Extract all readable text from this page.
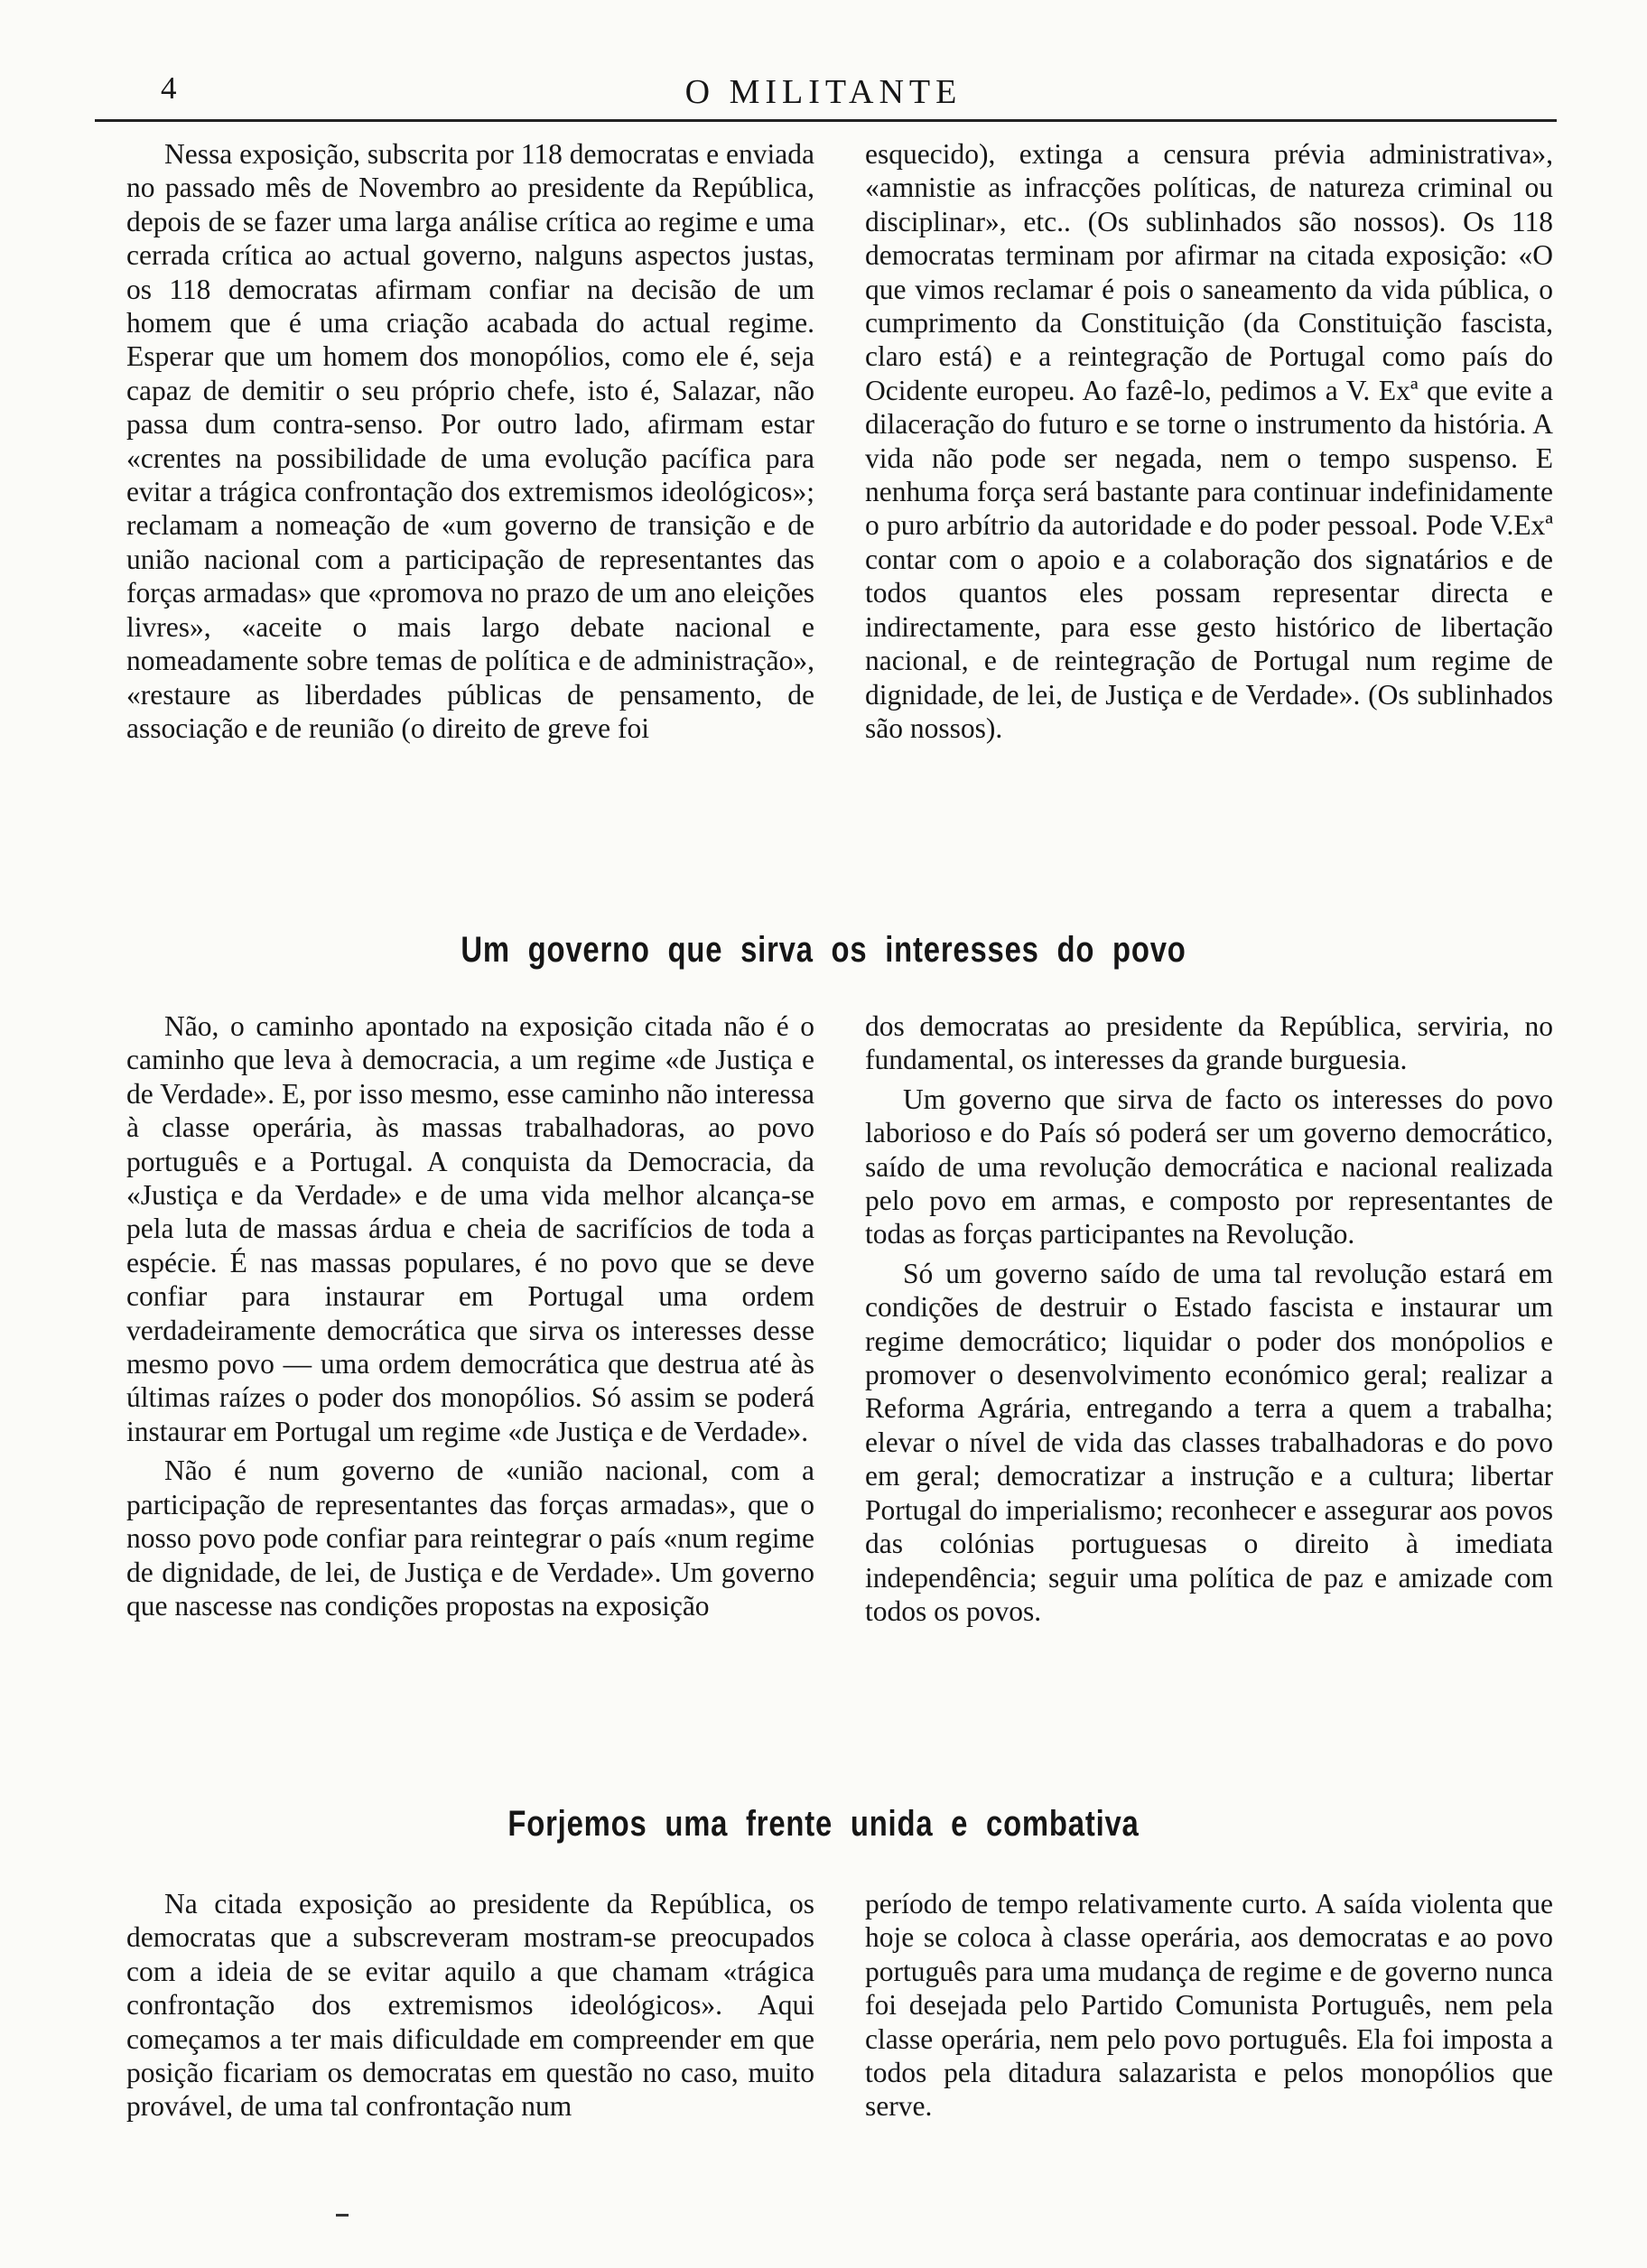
4	O MILITANTE

Nessa exposição, subscrita por 118 democratas e enviada no passado mês de Novembro ao presidente da República, depois de se fazer uma larga análise crítica ao regime e uma cerrada crítica ao actual governo, nalguns aspectos justas, os 118 democratas afirmam confiar na decisão de um homem que é uma criação acabada do actual regime. Esperar que um homem dos monopólios, como ele é, seja capaz de demitir o seu próprio chefe, isto é, Salazar, não passa dum contra-senso. Por outro lado, afirmam estar «crentes na possibilidade de uma evolução pacífica para evitar a trágica confrontação dos extremismos ideológicos»; reclamam a nomeação de «um governo de transição e de união nacional com a participação de representantes das forças armadas» que «promova no prazo de um ano eleições livres», «aceite o mais largo debate nacional e nomeadamente sobre temas de política e de administração», «restaure as liberdades públicas de pensamento, de associação e de reunião (o direito de greve foi

esquecido), extinga a censura prévia administrativa», «amnistie as infracções políticas, de natureza criminal ou disciplinar», etc.. (Os sublinhados são nossos). Os 118 democratas terminam por afirmar na citada exposição: «O que vimos reclamar é pois o saneamento da vida pública, o cumprimento da Constituição (da Constituição fascista, claro está) e a reintegração de Portugal como país do Ocidente europeu. Ao fazê-lo, pedimos a V. Exª que evite a dilaceração do futuro e se torne o instrumento da história. A vida não pode ser negada, nem o tempo suspenso. E nenhuma força será bastante para continuar indefinidamente o puro arbítrio da autoridade e do poder pessoal. Pode V.Exª contar com o apoio e a colaboração dos signatários e de todos quantos eles possam representar directa e indirectamente, para esse gesto histórico de libertação nacional, e de reintegração de Portugal num regime de dignidade, de lei, de Justiça e de Verdade». (Os sublinhados são nossos).

Um governo que sirva os interesses do povo

Não, o caminho apontado na exposição citada não é o caminho que leva à democracia, a um regime «de Justiça e de Verdade». E, por isso mesmo, esse caminho não interessa à classe operária, às massas trabalhadoras, ao povo português e a Portugal. A conquista da Democracia, da «Justiça e da Verdade» e de uma vida melhor alcança-se pela luta de massas árdua e cheia de sacrifícios de toda a espécie. É nas massas populares, é no povo que se deve confiar para instaurar em Portugal uma ordem verdadeiramente democrática que sirva os interesses desse mesmo povo — uma ordem democrática que destrua até às últimas raízes o poder dos monopólios. Só assim se poderá instaurar em Portugal um regime «de Justiça e de Verdade».

Não é num governo de «união nacional, com a participação de representantes das forças armadas», que o nosso povo pode confiar para reintegrar o país «num regime de dignidade, de lei, de Justiça e de Verdade». Um governo que nascesse nas condições propostas na exposição

dos democratas ao presidente da República, serviria, no fundamental, os interesses da grande burguesia.

Um governo que sirva de facto os interesses do povo laborioso e do País só poderá ser um governo democrático, saído de uma revolução democrática e nacional realizada pelo povo em armas, e composto por representantes de todas as forças participantes na Revolução.

Só um governo saído de uma tal revolução estará em condições de destruir o Estado fascista e instaurar um regime democrático; liquidar o poder dos monópolios e promover o desenvolvimento económico geral; realizar a Reforma Agrária, entregando a terra a quem a trabalha; elevar o nível de vida das classes trabalhadoras e do povo em geral; democratizar a instrução e a cultura; libertar Portugal do imperialismo; reconhecer e assegurar aos povos das colónias portuguesas o direito à imediata independência; seguir uma política de paz e amizade com todos os povos.

Forjemos uma frente unida e combativa

Na citada exposição ao presidente da República, os democratas que a subscreveram mostram-se preocupados com a ideia de se evitar aquilo a que chamam «trágica confrontação dos extremismos ideológicos». Aqui começamos a ter mais dificuldade em compreender em que posição ficariam os democratas em questão no caso, muito provável, de uma tal confrontação num

período de tempo relativamente curto. A saída violenta que hoje se coloca à classe operária, aos democratas e ao povo português para uma mudança de regime e de governo nunca foi desejada pelo Partido Comunista Português, nem pela classe operária, nem pelo povo português. Ela foi imposta a todos pela ditadura salazarista e pelos monopólios que serve.
